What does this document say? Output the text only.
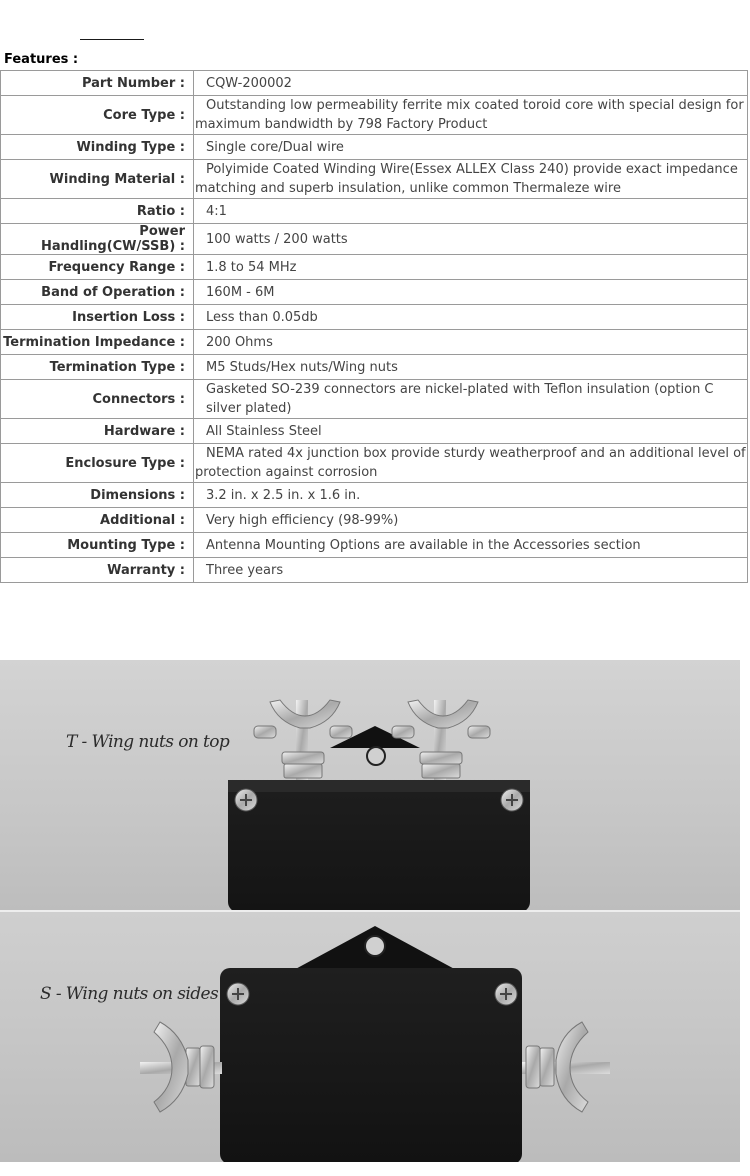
Features :
Part Number :	CQW-200002
Core Type :	Outstanding low permeability ferrite mix coated toroid core with special design for maximum bandwidth by 798 Factory Product
Winding Type :	Single core/Dual wire
Winding Material :	Polyimide Coated Winding Wire(Essex ALLEX Class 240) provide exact impedance matching and superb insulation, unlike common Thermaleze wire
Ratio :	4:1
Power Handling(CW/SSB) :	100 watts / 200 watts
Frequency Range :	1.8 to 54 MHz
Band of Operation :	160M - 6M
Insertion Loss :	Less than 0.05db
Termination Impedance :	200 Ohms
Termination Type :	M5 Studs/Hex nuts/Wing nuts
Connectors :	Gasketed SO-239 connectors are nickel-plated with Teflon insulation (option C silver plated)
Hardware :	All Stainless Steel
Enclosure Type :	NEMA rated 4x junction box provide sturdy weatherproof and an additional level of protection against corrosion
Dimensions :	3.2 in. x 2.5 in. x 1.6 in.
Additional :	Very high efficiency (98-99%)
Mounting Type :	Antenna Mounting Options are available in the Accessories section
Warranty :	Three years
T - Wing nuts on top
S - Wing nuts on sides
